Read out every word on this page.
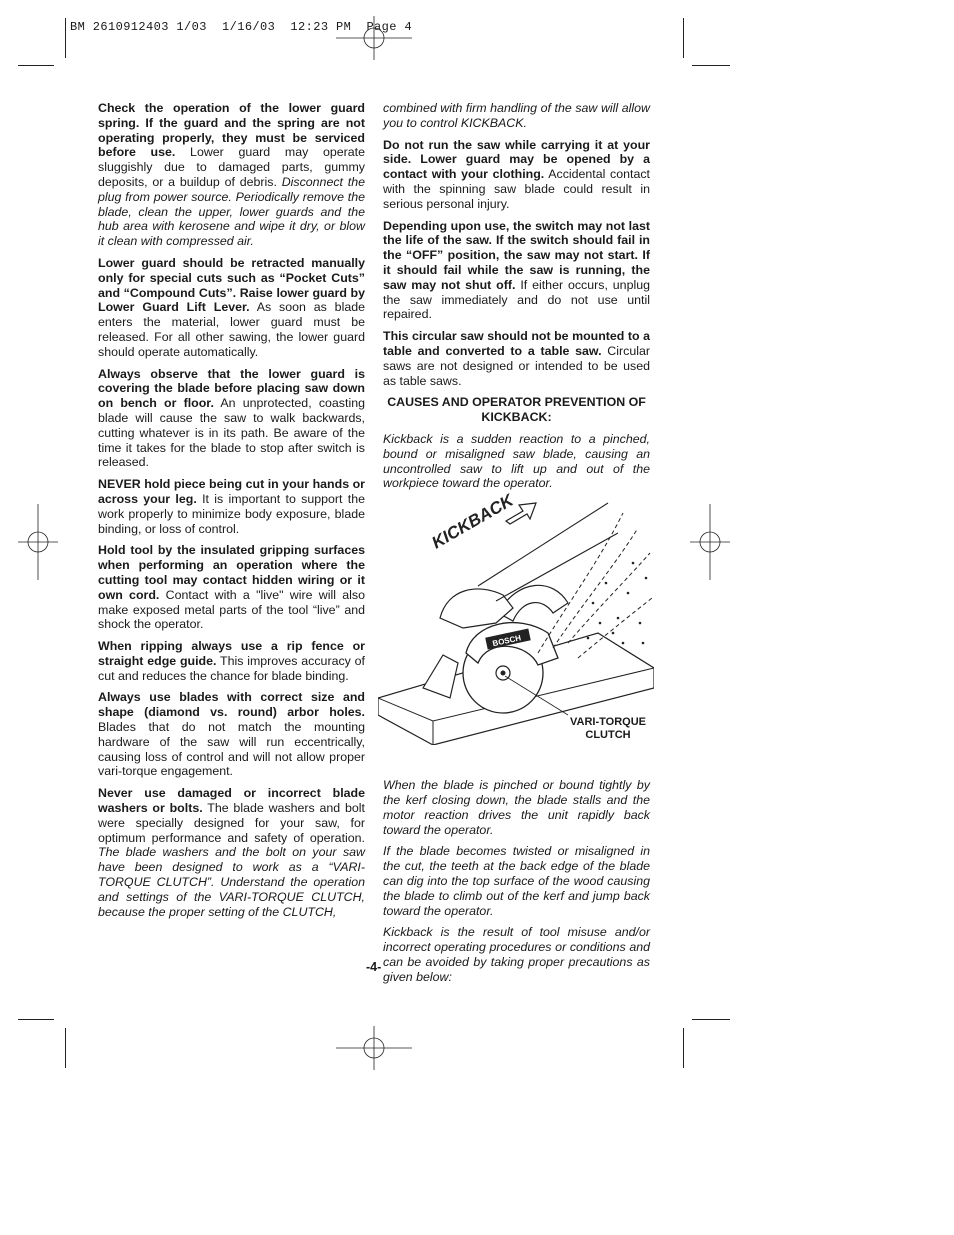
BM 2610912403 1/03  1/16/03  12:23 PM  Page 4

Check the operation of the lower guard spring. If the guard and the spring are not operating properly, they must be serviced before use. Lower guard may operate sluggishly due to damaged parts, gummy deposits, or a buildup of debris. Disconnect the plug from power source. Periodically remove the blade, clean the upper, lower guards and the hub area with kerosene and wipe it dry, or blow it clean with compressed air.

Lower guard should be retracted manually only for special cuts such as “Pocket Cuts” and “Compound Cuts”. Raise lower guard by Lower Guard Lift Lever. As soon as blade enters the material, lower guard must be released. For all other sawing, the lower guard should operate automatically.

Always observe that the lower guard is covering the blade before placing saw down on bench or floor. An unprotected, coasting blade will cause the saw to walk backwards, cutting whatever is in its path. Be aware of the time it takes for the blade to stop after switch is released.

NEVER hold piece being cut in your hands or across your leg. It is important to support the work properly to minimize body exposure, blade binding, or loss of control.

Hold tool by the insulated gripping surfaces when performing an operation where the cutting tool may contact hidden wiring or it own cord. Contact with a "live" wire will also make exposed metal parts of the tool “live” and shock the operator.

When ripping always use a rip fence or straight edge guide. This improves accuracy of cut and reduces the chance for blade binding.

Always use blades with correct size and shape (diamond vs. round) arbor holes. Blades that do not match the mounting hardware of the saw will run eccentrically, causing loss of control and will not allow proper vari-torque engagement.

Never use damaged or incorrect blade washers or bolts. The blade washers and bolt were specially designed for your saw, for optimum performance and safety of operation. The blade washers and the bolt on your saw have been designed to work as a “VARI-TORQUE CLUTCH”. Understand the operation and settings of the VARI-TORQUE CLUTCH, because the proper setting of the CLUTCH,

combined with firm handling of the saw will allow you to control KICKBACK.

Do not run the saw while carrying it at your side. Lower guard may be opened by a contact with your clothing. Accidental contact with the spinning saw blade could result in serious personal injury.

Depending upon use, the switch may not last the life of the saw. If the switch should fail in the “OFF” position, the saw may not start. If it should fail while the saw is running, the saw may not shut off. If either occurs, unplug the saw immediately and do not use until repaired.

This circular saw should not be mounted to a table and converted to a table saw. Circular saws are not designed or intended to be used as table saws.

CAUSES AND OPERATOR PREVENTION OF KICKBACK:

Kickback is a sudden reaction to a pinched, bound or misaligned saw blade, causing an uncontrolled saw to lift up and out of the workpiece toward the operator.

When the blade is pinched or bound tightly by the kerf closing down, the blade stalls and the motor reaction drives the unit rapidly back toward the operator.

If the blade becomes twisted or misaligned in the cut, the teeth at the back edge of the blade can dig into the top surface of the wood causing the blade to climb out of the kerf and jump back toward the operator.

Kickback is the result of tool misuse and/or incorrect operating procedures or conditions and can be avoided by taking proper precautions as given below:

BOSCH
KICKBACK
VARI-TORQUE
CLUTCH
-4-
